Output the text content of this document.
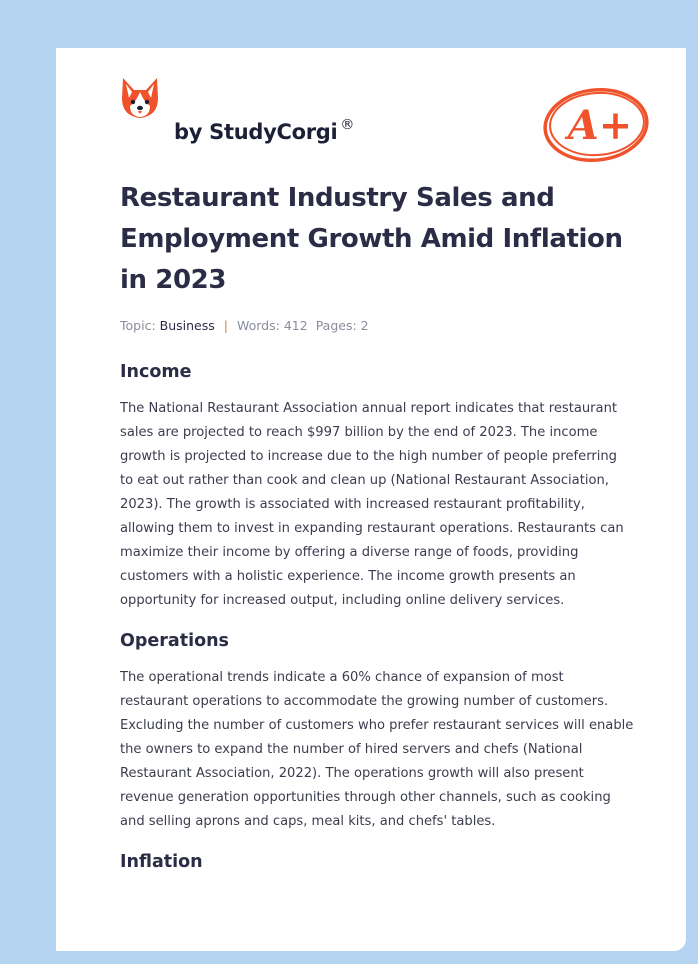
by StudyCorgi ®	A+
Restaurant Industry Sales and Employment Growth Amid Inflation in 2023
Topic: Business | Words: 412 Pages: 2
Income

The National Restaurant Association annual report indicates that restaurant sales are projected to reach $997 billion by the end of 2023. The income growth is projected to increase due to the high number of people preferring to eat out rather than cook and clean up (National Restaurant Association, 2023). The growth is associated with increased restaurant profitability, allowing them to invest in expanding restaurant operations. Restaurants can maximize their income by offering a diverse range of foods, providing customers with a holistic experience. The income growth presents an opportunity for increased output, including online delivery services.

Operations

The operational trends indicate a 60% chance of expansion of most restaurant operations to accommodate the growing number of customers. Excluding the number of customers who prefer restaurant services will enable the owners to expand the number of hired servers and chefs (National Restaurant Association, 2022). The operations growth will also present revenue generation opportunities through other channels, such as cooking and selling aprons and caps, meal kits, and chefs' tables.

Inflation
